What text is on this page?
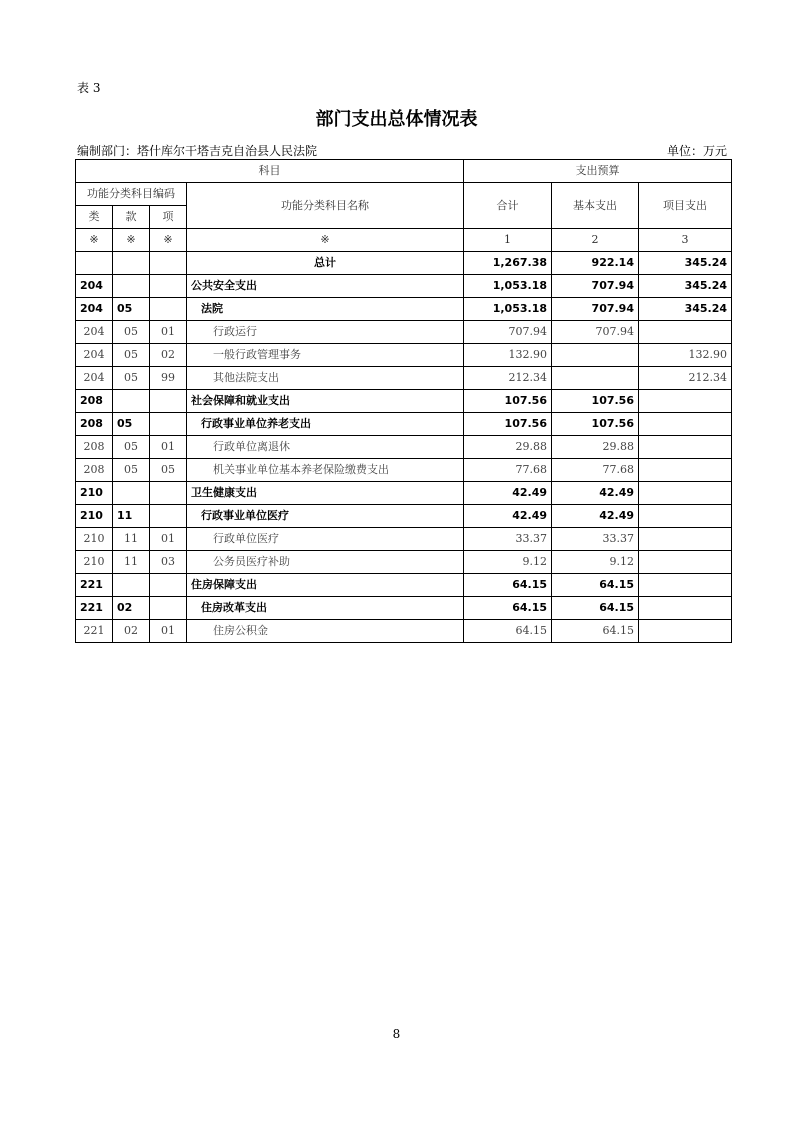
表 3
部门支出总体情况表
编制部门：塔什库尔干塔吉克自治县人民法院	单位：万元
科目				支出预算		
功能分类科目编码			功能分类科目名称	合计	基本支出	项目支出
类	款	项				
※	※	※	※	1	2	3
			总计	1,267.38	922.14	345.24
204			公共安全支出	1,053.18	707.94	345.24
204	05		法院	1,053.18	707.94	345.24
204	05	01	行政运行	707.94	707.94	
204	05	02	一般行政管理事务	132.90		132.90
204	05	99	其他法院支出	212.34		212.34
208			社会保障和就业支出	107.56	107.56	
208	05		行政事业单位养老支出	107.56	107.56	
208	05	01	行政单位离退休	29.88	29.88	
208	05	05	机关事业单位基本养老保险缴费支出	77.68	77.68	
210			卫生健康支出	42.49	42.49	
210	11		行政事业单位医疗	42.49	42.49	
210	11	01	行政单位医疗	33.37	33.37	
210	11	03	公务员医疗补助	9.12	9.12	
221			住房保障支出	64.15	64.15	
221	02		住房改革支出	64.15	64.15	
221	02	01	住房公积金	64.15	64.15	
8
